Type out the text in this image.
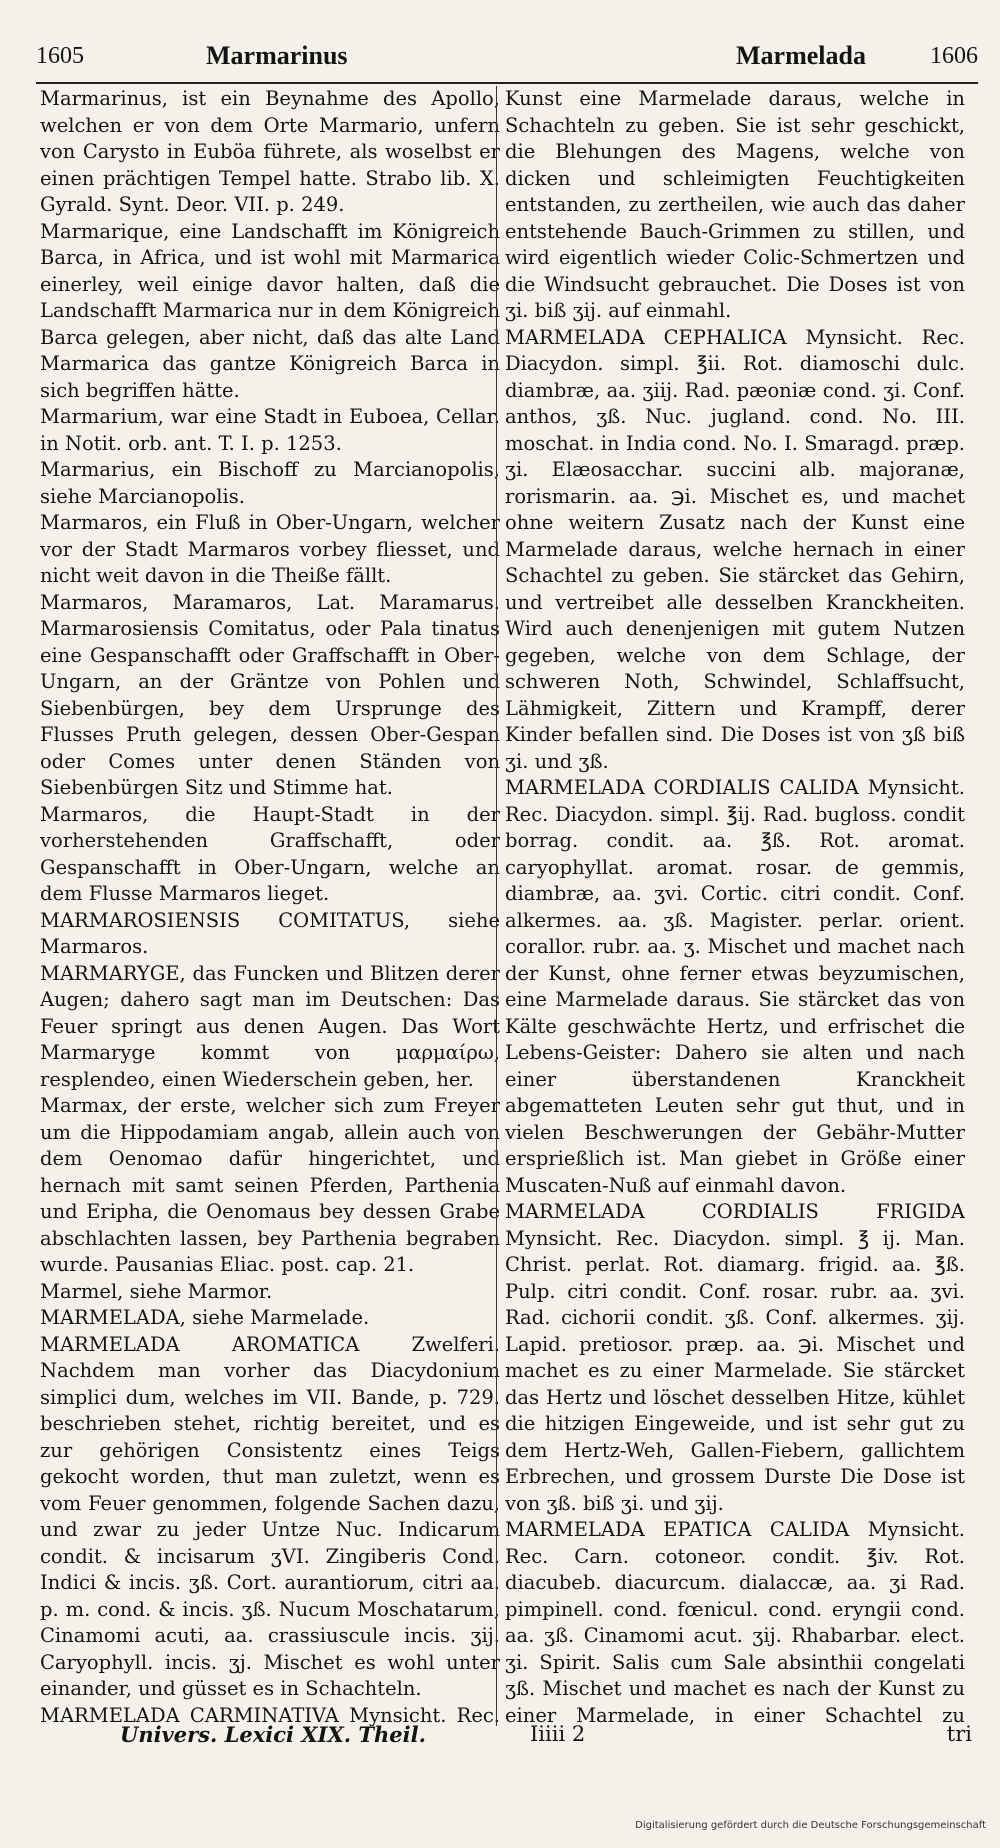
1605	Marmarinus	Marmelada	1606

Marmarinus, ist ein Beynahme des Apollo, welchen er von dem Orte Marmario, unfern von Carysto in Euböa führete, als woselbst er einen prächtigen Tempel hatte. Strabo lib. X. Gyrald. Synt. Deor. VII. p. 249.

Marmarique, eine Landschafft im Königreich Barca, in Africa, und ist wohl mit Marmarica einerley, weil einige davor halten, daß die Landschafft Marmarica nur in dem Königreich Barca gelegen, aber nicht, daß das alte Land Marmarica das gantze Königreich Barca in sich begriffen hätte.

Marmarium, war eine Stadt in Euboea, Cellar. in Notit. orb. ant. T. I. p. 1253.

Marmarius, ein Bischoff zu Marcianopolis, siehe Marcianopolis.

Marmaros, ein Fluß in Ober-Ungarn, welcher vor der Stadt Marmaros vorbey fliesset, und nicht weit davon in die Theiße fällt.

Marmaros, Maramaros, Lat. Maramarus. Marmarosiensis Comitatus, oder Pala tinatus eine Gespanschafft oder Graffschafft in Ober-Ungarn, an der Gräntze von Pohlen und Siebenbürgen, bey dem Ursprunge des Flusses Pruth gelegen, dessen Ober-Gespan oder Comes unter denen Ständen von Siebenbürgen Sitz und Stimme hat.

Marmaros, die Haupt-Stadt in der vorherstehenden Graffschafft, oder Gespanschafft in Ober-Ungarn, welche an dem Flusse Marmaros lieget.

MARMAROSIENSIS COMITATUS, siehe Marmaros.

MARMARYGE, das Funcken und Blitzen derer Augen; dahero sagt man im Deutschen: Das Feuer springt aus denen Augen. Das Wort Marmaryge kommt von μαρμαίρω, resplendeo, einen Wiederschein geben, her.

Marmax, der erste, welcher sich zum Freyer um die Hippodamiam angab, allein auch von dem Oenomao dafür hingerichtet, und hernach mit samt seinen Pferden, Parthenia und Eripha, die Oenomaus bey dessen Grabe abschlachten lassen, bey Parthenia begraben wurde. Pausanias Eliac. post. cap. 21.

Marmel, siehe Marmor.

MARMELADA, siehe Marmelade.

MARMELADA AROMATICA Zwelferi. Nachdem man vorher das Diacydonium simplici dum, welches im VII. Bande, p. 729. beschrieben stehet, richtig bereitet, und es zur gehörigen Consistentz eines Teigs gekocht worden, thut man zuletzt, wenn es vom Feuer genommen, folgende Sachen dazu, und zwar zu jeder Untze Nuc. Indicarum condit. & incisarum ʒVI. Zingiberis Cond. Indici & incis. ʒß. Cort. aurantiorum, citri aa. p. m. cond. & incis. ʒß. Nucum Moschatarum, Cinamomi acuti, aa. crassiuscule incis. ʒij. Caryophyll. incis. ʒj. Mischet es wohl unter einander, und güsset es in Schachteln.

MARMELADA CARMINATIVA Mynsicht. Rec.

Kunst eine Marmelade daraus, welche in Schachteln zu geben. Sie ist sehr geschickt, die Blehungen des Magens, welche von dicken und schleimigten Feuchtigkeiten entstanden, zu zertheilen, wie auch das daher entstehende Bauch-Grimmen zu stillen, und wird eigentlich wieder Colic-Schmertzen und die Windsucht gebrauchet. Die Doses ist von ʒi. biß ʒij. auf einmahl.

MARMELADA CEPHALICA Mynsicht. Rec. Diacydon. simpl. ℥ii. Rot. diamoschi dulc. diambræ, aa. ʒiij. Rad. pæoniæ cond. ʒi. Conf. anthos, ʒß. Nuc. jugland. cond. No. III. moschat. in India cond. No. I. Smaragd. præp. ʒi. Elæosacchar. succini alb. majoranæ, rorismarin. aa. ℈i. Mischet es, und machet ohne weitern Zusatz nach der Kunst eine Marmelade daraus, welche hernach in einer Schachtel zu geben. Sie stärcket das Gehirn, und vertreibet alle desselben Kranckheiten. Wird auch denenjenigen mit gutem Nutzen gegeben, welche von dem Schlage, der schweren Noth, Schwindel, Schlaffsucht, Lähmigkeit, Zittern und Krampff, derer Kinder befallen sind. Die Doses ist von ʒß biß ʒi. und ʒß.

MARMELADA CORDIALIS CALIDA Mynsicht. Rec. Diacydon. simpl. ℥ij. Rad. bugloss. condit borrag. condit. aa. ℥ß. Rot. aromat. caryophyllat. aromat. rosar. de gemmis, diambræ, aa. ʒvi. Cortic. citri condit. Conf. alkermes. aa. ʒß. Magister. perlar. orient. corallor. rubr. aa. ʒ. Mischet und machet nach der Kunst, ohne ferner etwas beyzumischen, eine Marmelade daraus. Sie stärcket das von Kälte geschwächte Hertz, und erfrischet die Lebens-Geister: Dahero sie alten und nach einer überstandenen Kranckheit abgematteten Leuten sehr gut thut, und in vielen Beschwerungen der Gebähr-Mutter erspriеßlich ist. Man giebet in Größe einer Muscaten-Nuß auf einmahl davon.

MARMELADA CORDIALIS FRIGIDA Mynsicht. Rec. Diacydon. simpl. ℥ ij. Man. Christ. perlat. Rot. diamarg. frigid. aa. ℥ß. Pulp. citri condit. Conf. rosar. rubr. aa. ʒvi. Rad. cichorii condit. ʒß. Conf. alkermes. ʒij. Lapid. pretiosor. præp. aa. ℈i. Mischet und machet es zu einer Marmelade. Sie stärcket das Hertz und löschet desselben Hitze, kühlet die hitzigen Eingeweide, und ist sehr gut zu dem Hertz-Weh, Gallen-Fiebern, gallichtem Erbrechen, und grossem Durste Die Dose ist von ʒß. biß ʒi. und ʒij.

MARMELADA EPATICA CALIDA Mynsicht. Rec. Carn. cotoneor. condit. ℥iv. Rot. diacubeb. diacurcum. dialaccæ, aa. ʒi Rad. pimpinell. cond. fœnicul. cond. eryngii cond. aa. ʒß. Cinamomi acut. ʒij. Rhabarbar. elect. ʒi. Spirit. Salis cum Sale absinthii congelati ʒß. Mischet und machet es nach der Kunst zu einer Marmelade, in einer Schachtel zu

Univers. Lexici XIX. Theil.	Iiiii 2	tri
Digitalisierung gefördert durch die Deutsche Forschungsgemeinschaft
